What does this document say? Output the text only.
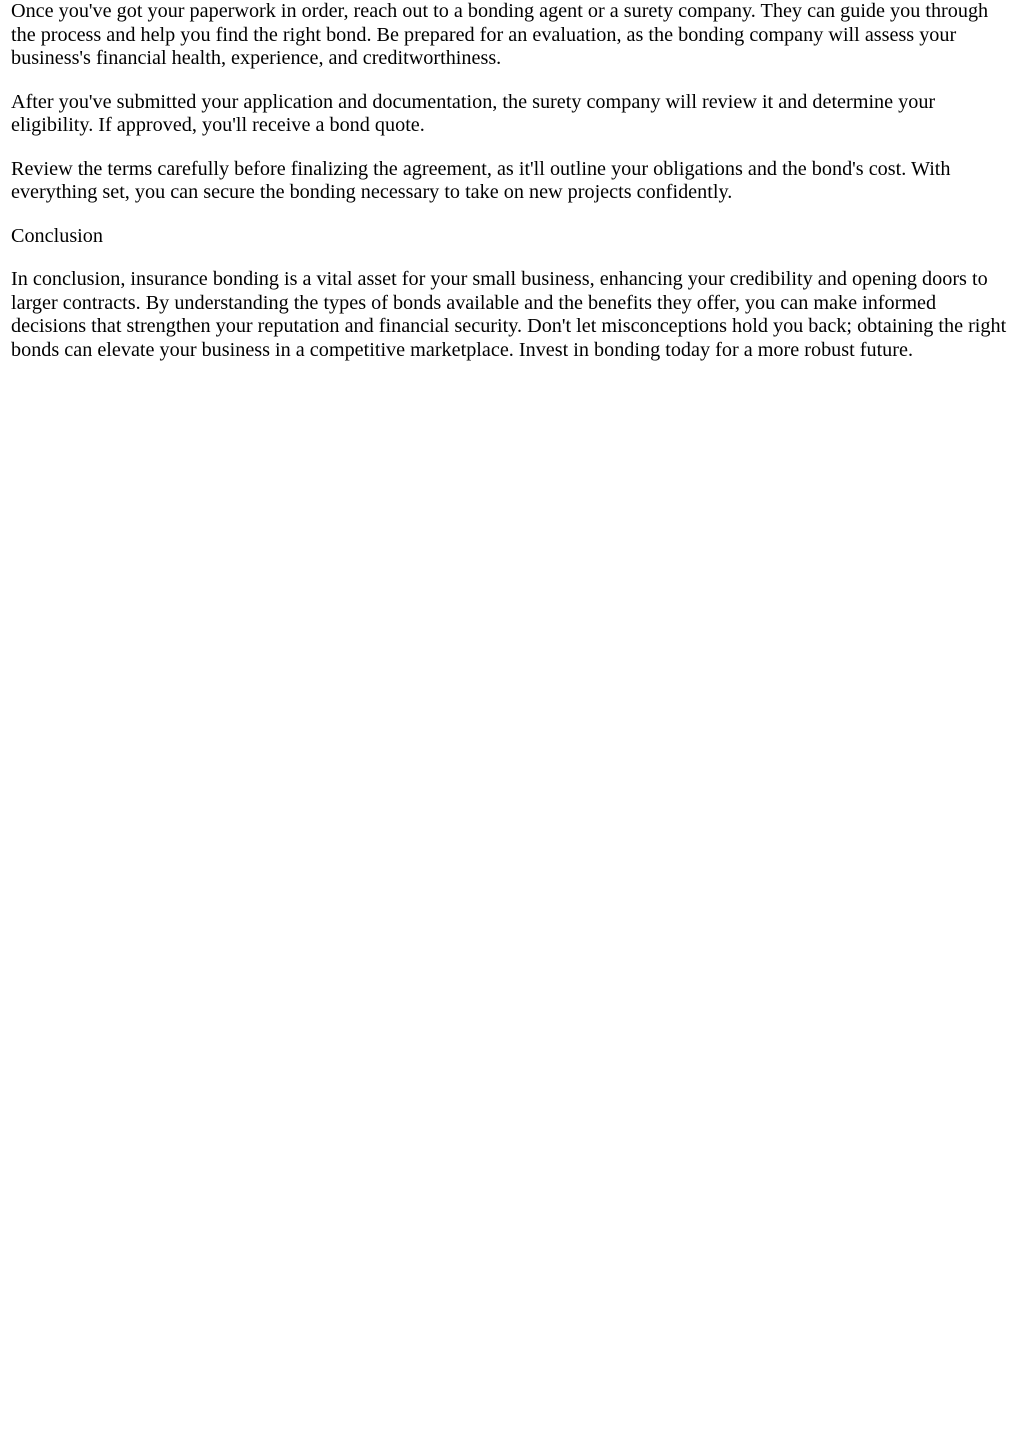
Once you've got your paperwork in order, reach out to a bonding agent or a surety company. They can guide you through the process and help you find the right bond. Be prepared for an evaluation, as the bonding company will assess your business's financial health, experience, and creditworthiness.

After you've submitted your application and documentation, the surety company will review it and determine your eligibility. If approved, you'll receive a bond quote.

Review the terms carefully before finalizing the agreement, as it'll outline your obligations and the bond's cost. With everything set, you can secure the bonding necessary to take on new projects confidently.

Conclusion

In conclusion, insurance bonding is a vital asset for your small business, enhancing your credibility and opening doors to larger contracts. By understanding the types of bonds available and the benefits they offer, you can make informed decisions that strengthen your reputation and financial security. Don't let misconceptions hold you back; obtaining the right bonds can elevate your business in a competitive marketplace. Invest in bonding today for a more robust future.
